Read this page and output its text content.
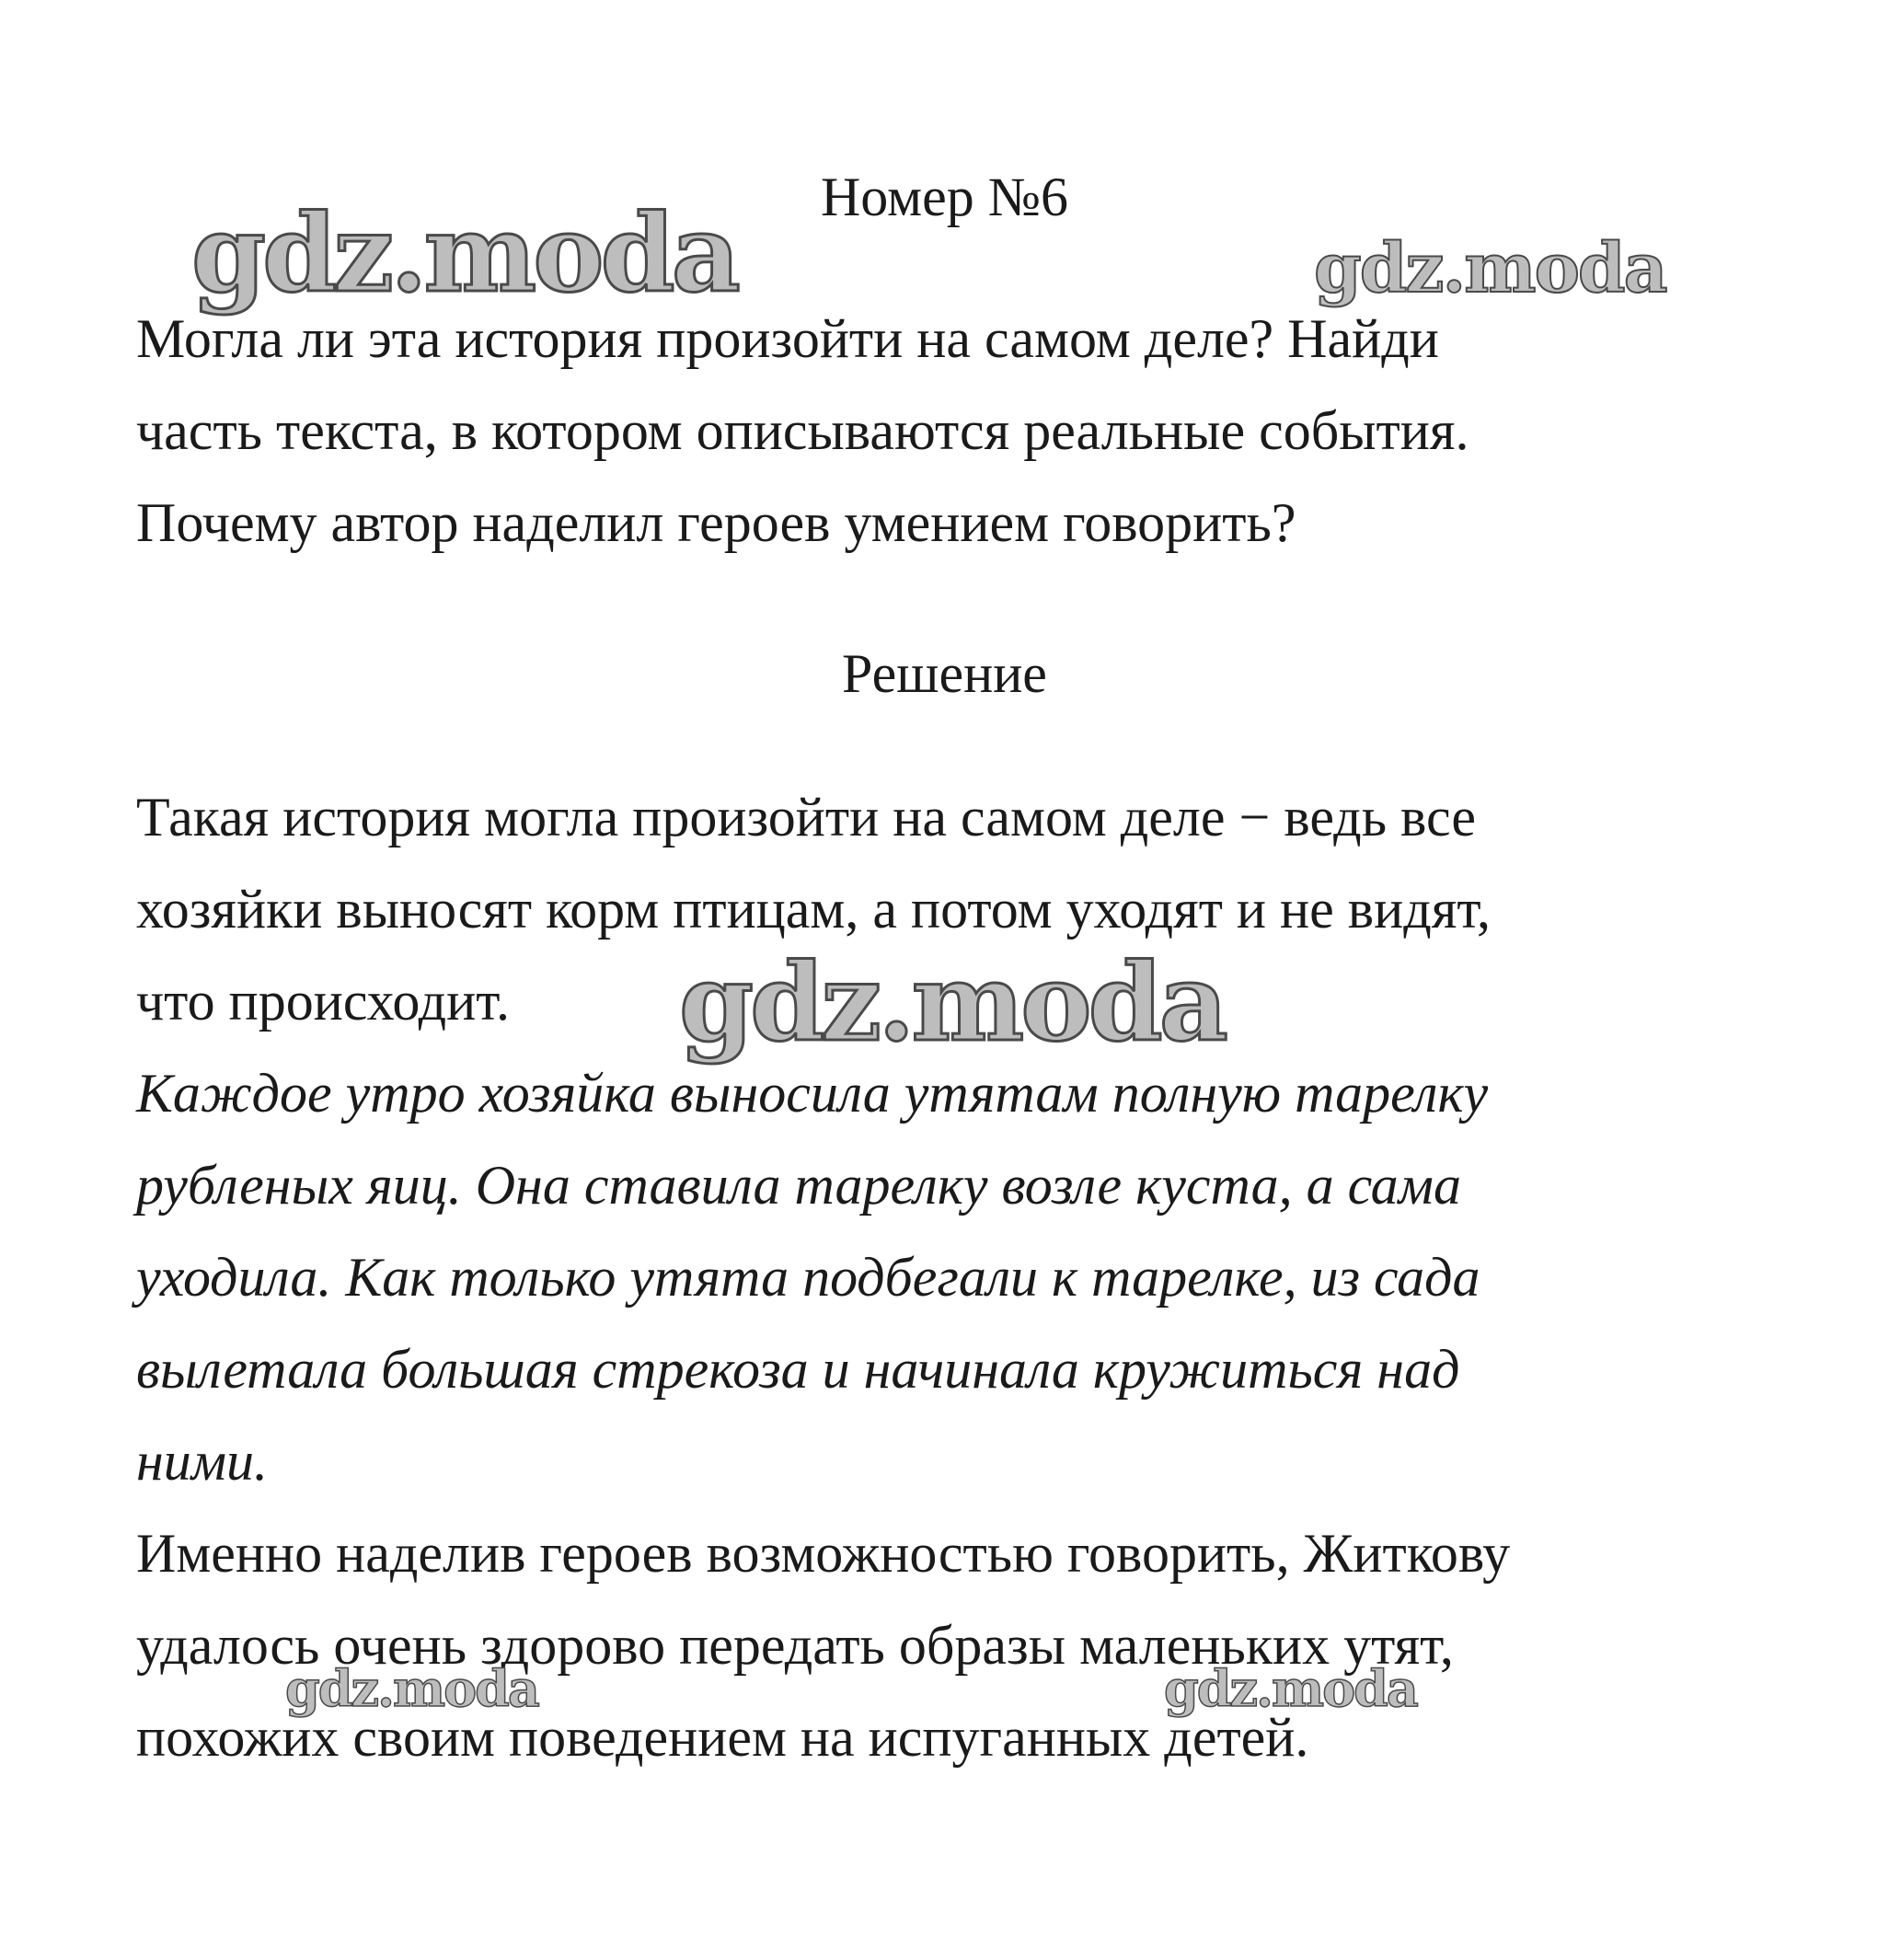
Номер №6
Могла ли эта история произойти на самом деле? Найди
часть текста, в котором описываются реальные события.
Почему автор наделил героев умением говорить?
Решение
Такая история могла произойти на самом деле − ведь все
хозяйки выносят корм птицам, а потом уходят и не видят,
что происходит.
Каждое утро хозяйка выносила утятам полную тарелку
рубленых яиц. Она ставила тарелку возле куста, а сама
уходила. Как только утята подбегали к тарелке, из сада
вылетала большая стрекоза и начинала кружиться над
ними.
Именно наделив героев возможностью говорить, Житкову
удалось очень здорово передать образы маленьких утят,
похожих своим поведением на испуганных детей.
gdz.moda	gdz.moda
gdz.moda
gdz.moda	gdz.moda
